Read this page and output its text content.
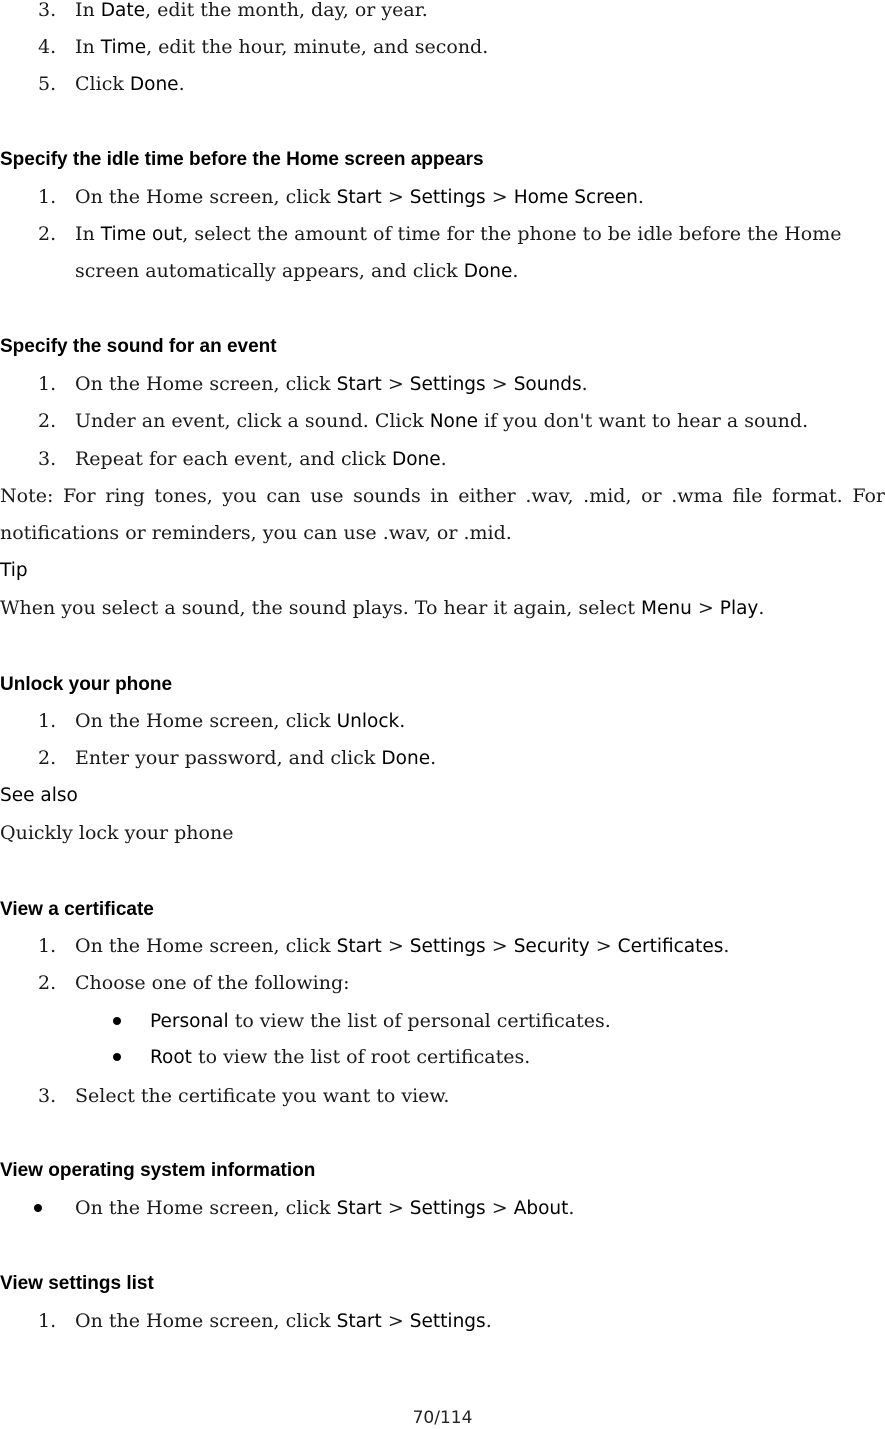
3. In Date, edit the month, day, or year.
4. In Time, edit the hour, minute, and second.
5. Click Done.
Specify the idle time before the Home screen appears
1. On the Home screen, click Start > Settings > Home Screen.
2. In Time out, select the amount of time for the phone to be idle before the Home
screen automatically appears, and click Done.
Specify the sound for an event
1. On the Home screen, click Start > Settings > Sounds.
2. Under an event, click a sound. Click None if you don't want to hear a sound.
3. Repeat for each event, and click Done.
Note: For ring tones, you can use sounds in either .wav, .mid, or .wma file format. For
notifications or reminders, you can use .wav, or .mid.
Tip
When you select a sound, the sound plays. To hear it again, select Menu > Play.
Unlock your phone
1. On the Home screen, click Unlock.
2. Enter your password, and click Done.
See also
Quickly lock your phone
View a certificate
1. On the Home screen, click Start > Settings > Security > Certificates.
2. Choose one of the following:
Personal to view the list of personal certificates.
Root to view the list of root certificates.
3. Select the certificate you want to view.
View operating system information
On the Home screen, click Start > Settings > About.
View settings list
1. On the Home screen, click Start > Settings.
70/114
